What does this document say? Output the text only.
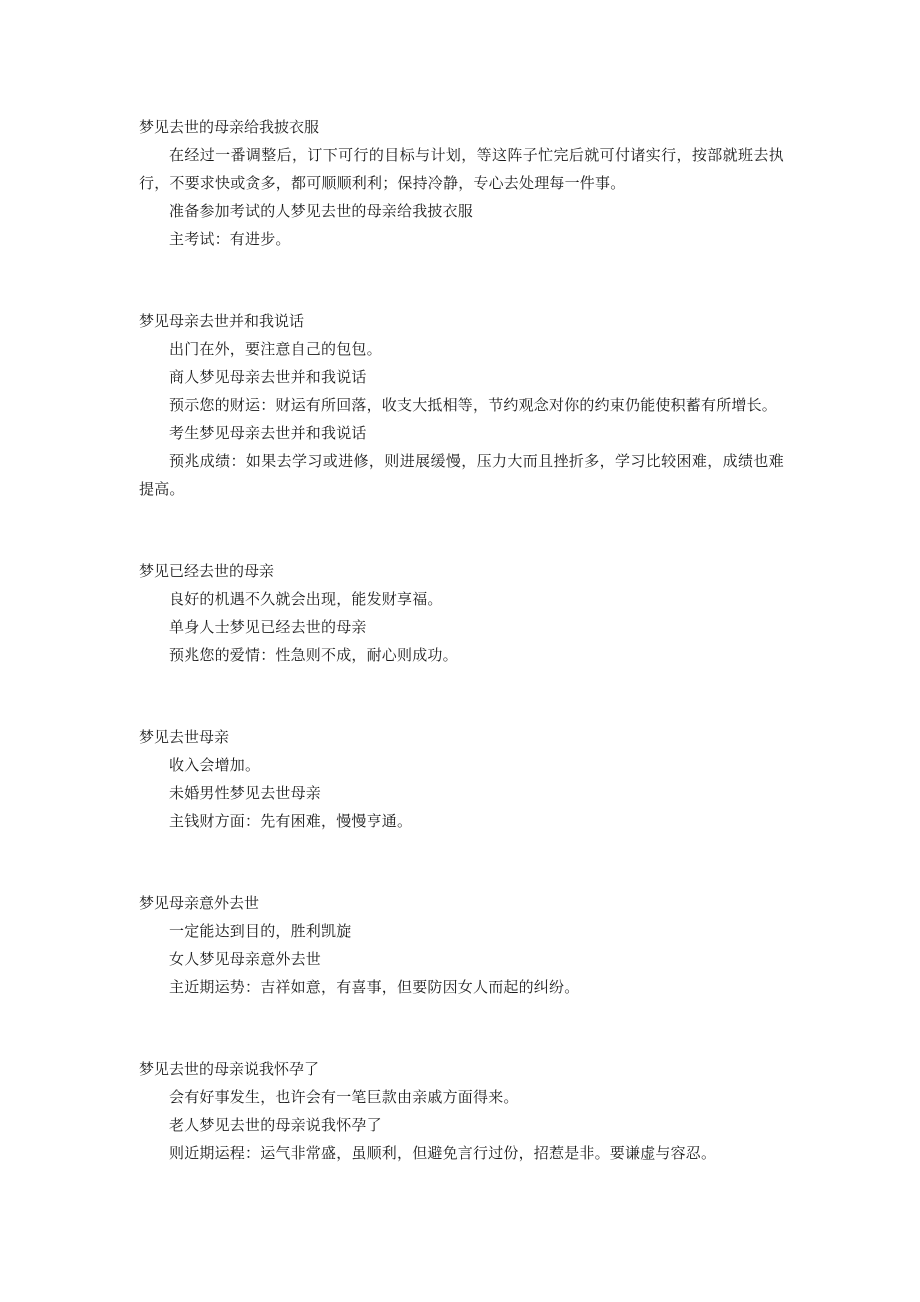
梦见去世的母亲给我披衣服

在经过一番调整后，订下可行的目标与计划，等这阵子忙完后就可付诸实行，按部就班去执行，不要求快或贪多，都可顺顺利利；保持冷静，专心去处理每一件事。

准备参加考试的人梦见去世的母亲给我披衣服

主考试：有进步。

梦见母亲去世并和我说话

出门在外，要注意自己的包包。

商人梦见母亲去世并和我说话

预示您的财运：财运有所回落，收支大抵相等，节约观念对你的约束仍能使积蓄有所增长。

考生梦见母亲去世并和我说话

预兆成绩：如果去学习或进修，则进展缓慢，压力大而且挫折多，学习比较困难，成绩也难提高。

梦见已经去世的母亲

良好的机遇不久就会出现，能发财享福。

单身人士梦见已经去世的母亲

预兆您的爱情：性急则不成，耐心则成功。

梦见去世母亲

收入会增加。

未婚男性梦见去世母亲

主钱财方面：先有困难，慢慢亨通。

梦见母亲意外去世

一定能达到目的，胜利凯旋

女人梦见母亲意外去世

主近期运势：吉祥如意，有喜事，但要防因女人而起的纠纷。

梦见去世的母亲说我怀孕了

会有好事发生，也许会有一笔巨款由亲戚方面得来。

老人梦见去世的母亲说我怀孕了

则近期运程：运气非常盛，虽顺利，但避免言行过份，招惹是非。要谦虚与容忍。
